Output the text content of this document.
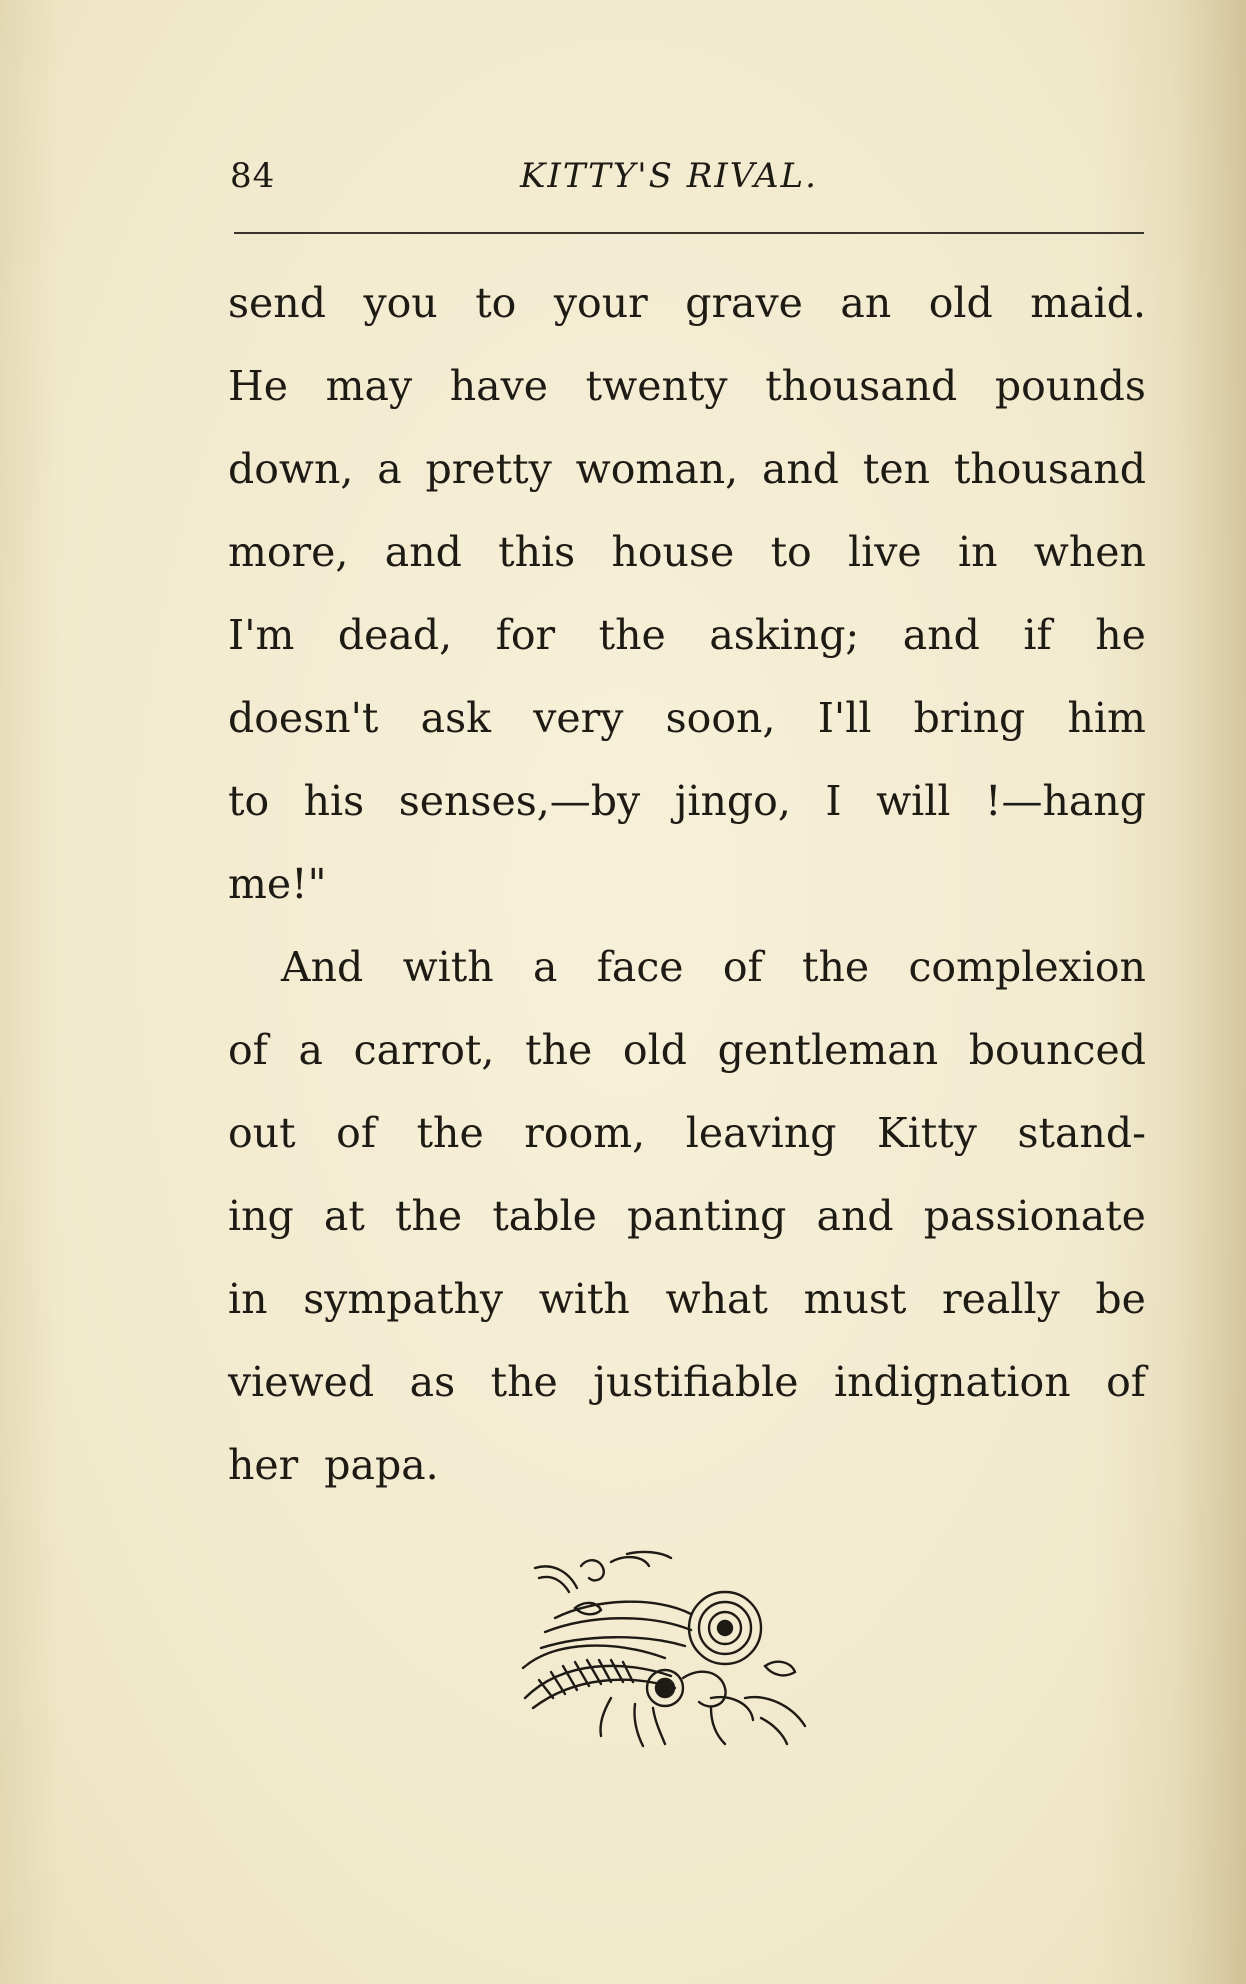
84	KITTY'S RIVAL.
send you to your grave an old maid.
He may have twenty thousand pounds
down, a pretty woman, and ten thousand
more, and this house to live in when
I'm dead, for the asking; and if he
doesn't ask very soon, I'll bring him
to his senses,—by jingo, I will !—hang
me!"
And with a face of the complexion
of a carrot, the old gentleman bounced
out of the room, leaving Kitty stand-
ing at the table panting and passionate
in sympathy with what must really be
viewed as the justifiable indignation of
her papa.
